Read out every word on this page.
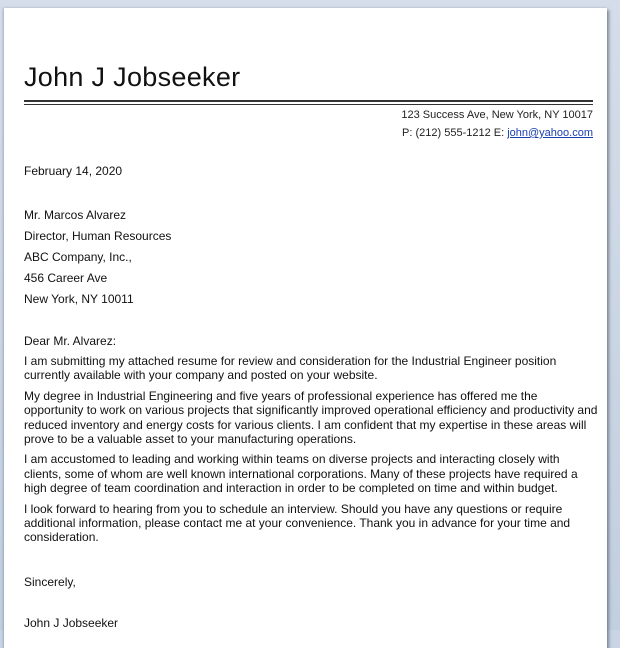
John J Jobseeker
123 Success Ave, New York, NY 10017
P: (212) 555-1212 E: john@yahoo.com
February 14, 2020
Mr. Marcos Alvarez
Director, Human Resources
ABC Company, Inc.,
456 Career Ave
New York, NY 10011
Dear Mr. Alvarez:

I am submitting my attached resume for review and consideration for the Industrial Engineer position currently available with your company and posted on your website.

My degree in Industrial Engineering and five years of professional experience has offered me the opportunity to work on various projects that significantly improved operational efficiency and productivity and reduced inventory and energy costs for various clients. I am confident that my expertise in these areas will prove to be a valuable asset to your manufacturing operations.

I am accustomed to leading and working within teams on diverse projects and interacting closely with clients, some of whom are well known international corporations. Many of these projects have required a high degree of team coordination and interaction in order to be completed on time and within budget.

I look forward to hearing from you to schedule an interview. Should you have any questions or require additional information, please contact me at your convenience. Thank you in advance for your time and consideration.

Sincerely,
John J Jobseeker
